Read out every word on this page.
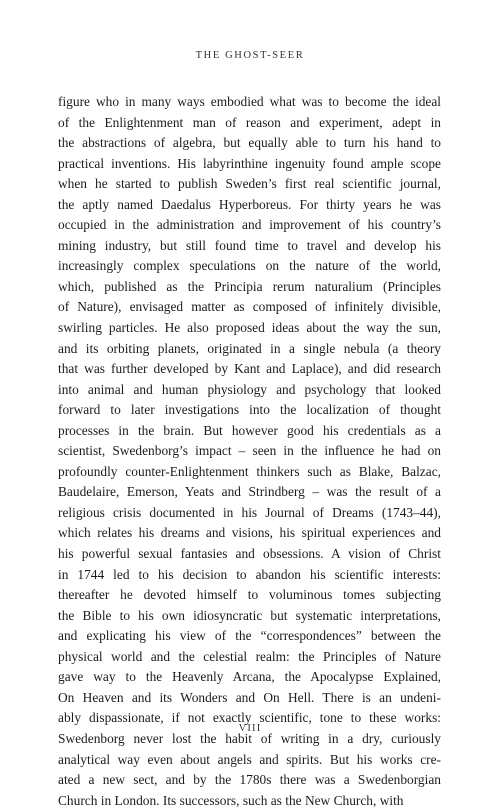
THE GHOST-SEER
figure who in many ways embodied what was to become the ideal
of the Enlightenment man of reason and experiment, adept in
the abstractions of algebra, but equally able to turn his hand to
practical inventions. His labyrinthine ingenuity found ample scope
when he started to publish Sweden’s first real scientific journal,
the aptly named Daedalus Hyperboreus. For thirty years he was
occupied in the administration and improvement of his country’s
mining industry, but still found time to travel and develop his
increasingly complex speculations on the nature of the world,
which, published as the Principia rerum naturalium (Principles
of Nature), envisaged matter as composed of infinitely divisible,
swirling particles. He also proposed ideas about the way the sun,
and its orbiting planets, originated in a single nebula (a theory
that was further developed by Kant and Laplace), and did research
into animal and human physiology and psychology that looked
forward to later investigations into the localization of thought
processes in the brain. But however good his credentials as a
scientist, Swedenborg’s impact – seen in the influence he had on
profoundly counter-Enlightenment thinkers such as Blake, Balzac,
Baudelaire, Emerson, Yeats and Strindberg – was the result of a
religious crisis documented in his Journal of Dreams (1743–44),
which relates his dreams and visions, his spiritual experiences and
his powerful sexual fantasies and obsessions. A vision of Christ
in 1744 led to his decision to abandon his scientific interests:
thereafter he devoted himself to voluminous tomes subjecting
the Bible to his own idiosyncratic but systematic interpretations,
and explicating his view of the “correspondences” between the
physical world and the celestial realm: the Principles of Nature
gave way to the Heavenly Arcana, the Apocalypse Explained,
On Heaven and its Wonders and On Hell. There is an undeni-
ably dispassionate, if not exactly scientific, tone to these works:
Swedenborg never lost the habit of writing in a dry, curiously
analytical way even about angels and spirits. But his works cre-
ated a new sect, and by the 1780s there was a Swedenborgian
Church in London. Its successors, such as the New Church, with
VIII
